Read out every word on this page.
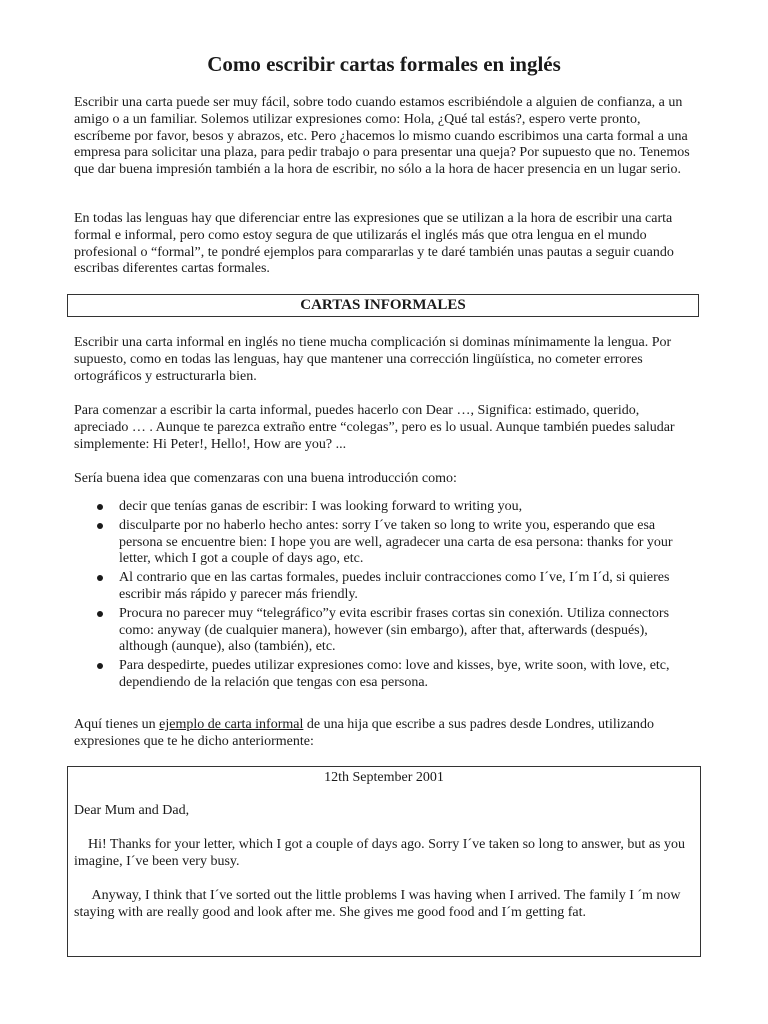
Como escribir cartas formales en inglés

Escribir una carta puede ser muy fácil, sobre todo cuando estamos escribiéndole a alguien de confianza, a un amigo o a un familiar. Solemos utilizar expresiones como: Hola, ¿Qué tal estás?, espero verte pronto, escríbeme por favor, besos y abrazos, etc. Pero ¿hacemos lo mismo cuando escribimos una carta formal a una empresa para solicitar una plaza, para pedir trabajo o para presentar una queja? Por supuesto que no. Tenemos que dar buena impresión también a la hora de escribir, no sólo a la hora de hacer presencia en un lugar serio.

En todas las lenguas hay que diferenciar entre las expresiones que se utilizan a la hora de escribir una carta formal e informal, pero como estoy segura de que utilizarás el inglés más que otra lengua en el mundo profesional o “formal”, te pondré ejemplos para compararlas y te daré también unas pautas a seguir cuando escribas diferentes cartas formales.

CARTAS INFORMALES

Escribir una carta informal en inglés no tiene mucha complicación si dominas mínimamente la lengua. Por supuesto, como en todas las lenguas, hay que mantener una corrección lingüística, no cometer errores ortográficos y estructurarla bien.

Para comenzar a escribir la carta informal, puedes hacerlo con Dear …, Significa: estimado, querido, apreciado … . Aunque te parezca extraño entre “colegas”, pero es lo usual. Aunque también puedes saludar simplemente: Hi Peter!, Hello!, How are you? ...

Sería buena idea que comenzaras con una buena introducción como:

decir que tenías ganas de escribir: I was looking forward to writing you,
disculparte por no haberlo hecho antes: sorry I´ve taken so long to write you, esperando que esa persona se encuentre bien: I hope you are well, agradecer una carta de esa persona: thanks for your letter, which I got a couple of days ago, etc.
Al contrario que en las cartas formales, puedes incluir contracciones como I´ve, I´m I´d, si quieres escribir más rápido y parecer más friendly.
Procura no parecer muy “telegráfico”y evita escribir frases cortas sin conexión. Utiliza connectors como: anyway (de cualquier manera), however (sin embargo), after that, afterwards (después), although (aunque), also (también), etc.
Para despedirte, puedes utilizar expresiones como: love and kisses, bye, write soon, with love, etc, dependiendo de la relación que tengas con esa persona.

Aquí tienes un ejemplo de carta informal de una hija que escribe a sus padres desde Londres, utilizando expresiones que te he dicho anteriormente:

12th September 2001
Dear Mum and Dad,

Hi! Thanks for your letter, which I got a couple of days ago. Sorry I´ve taken so long to answer, but as you imagine, I´ve been very busy.

Anyway, I think that I´ve sorted out the little problems I was having when I arrived. The family I ´m now staying with are really good and look after me. She gives me good food and I´m getting fat.
